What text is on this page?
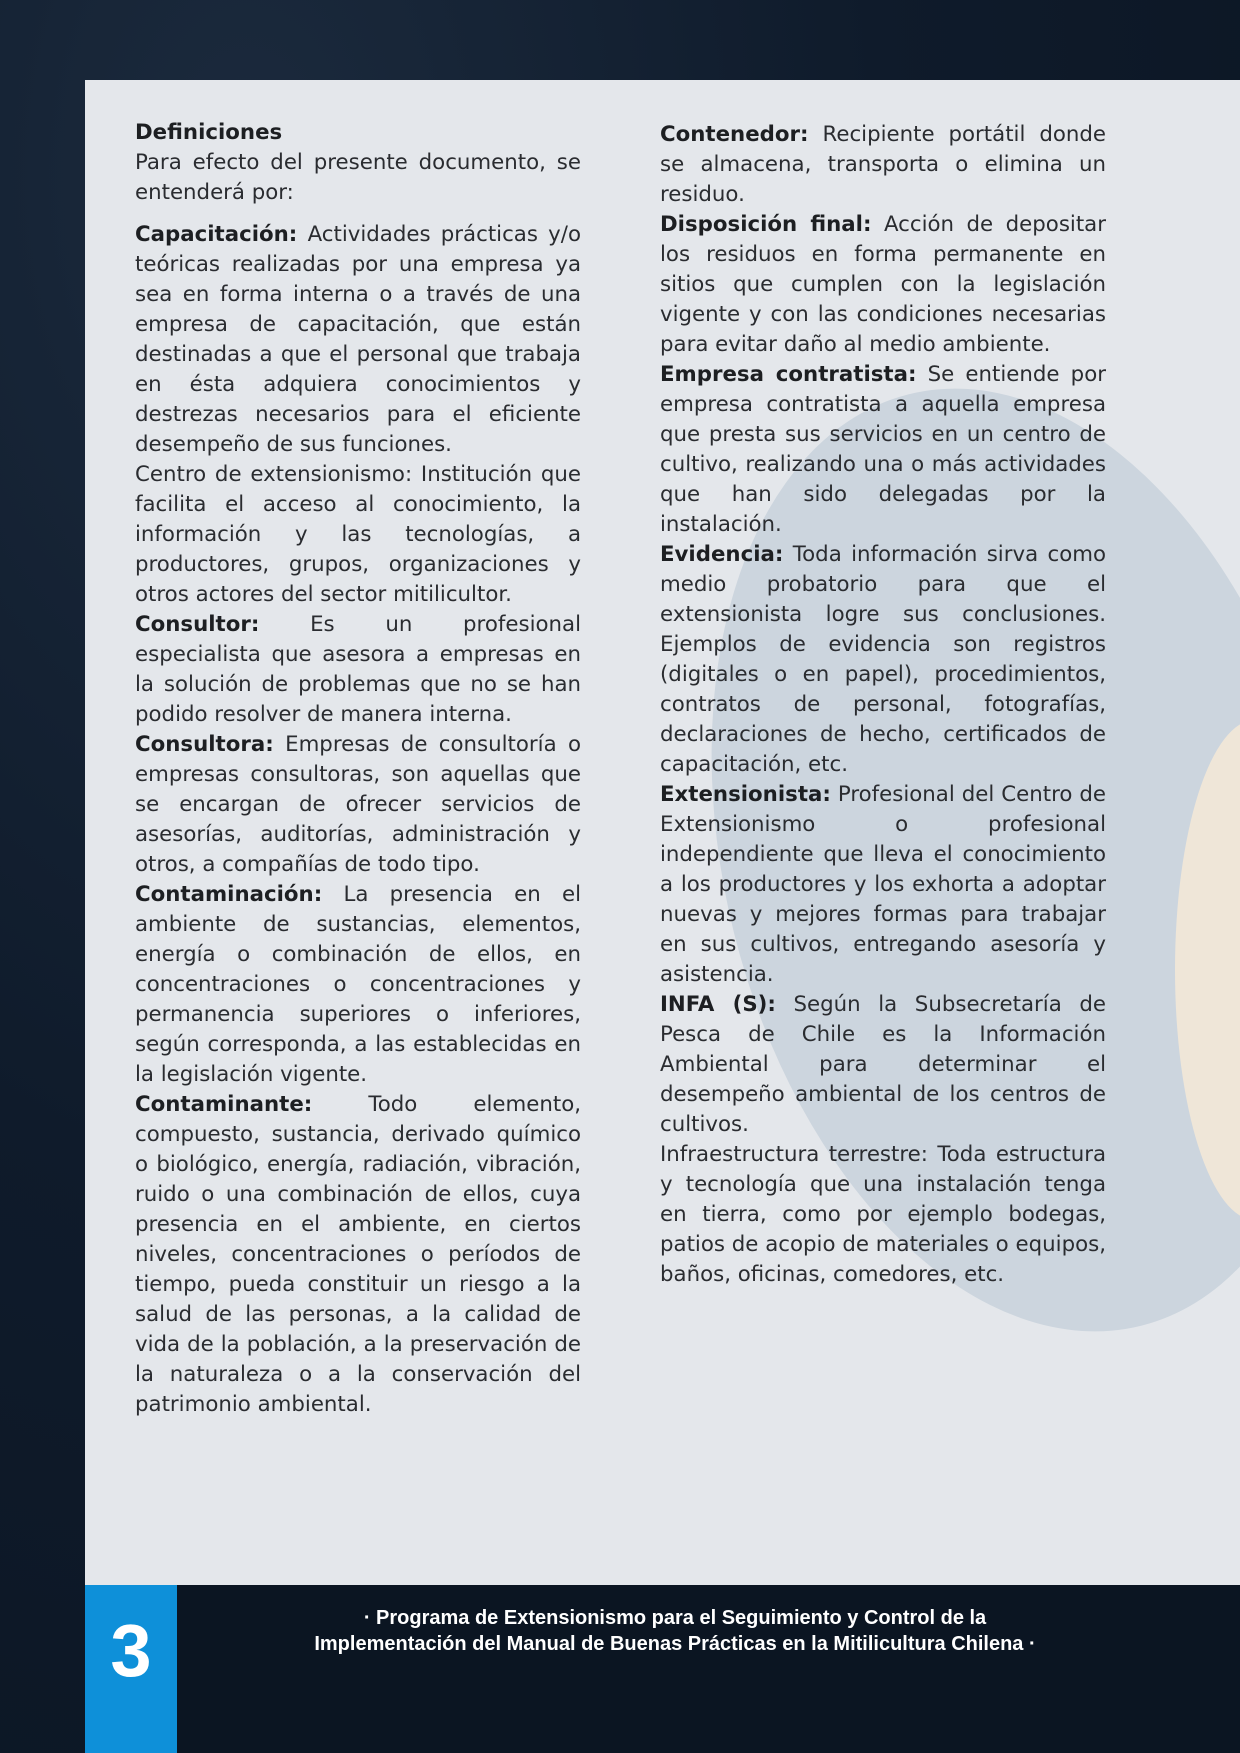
Definiciones

Para efecto del presente documento, se entenderá por:

Capacitación: Actividades prácticas y/o teóricas realizadas por una empresa ya sea en forma interna o a través de una empresa de capacitación, que están destinadas a que el personal que trabaja en ésta adquiera conocimientos y destrezas necesarios para el eficiente desempeño de sus funciones.

Centro de extensionismo: Institución que facilita el acceso al conocimiento, la información y las tecnologías, a productores, grupos, organizaciones y otros actores del sector mitilicultor.

Consultor: Es un profesional especialista que asesora a empresas en la solución de problemas que no se han podido resolver de manera interna.

Consultora: Empresas de consultoría o empresas consultoras, son aquellas que se encargan de ofrecer servicios de asesorías, auditorías, administración y otros, a compañías de todo tipo.

Contaminación: La presencia en el ambiente de sustancias, elementos, energía o combinación de ellos, en concentraciones o concentraciones y permanencia superiores o inferiores, según corresponda, a las establecidas en la legislación vigente.

Contaminante: Todo elemento, compuesto, sustancia, derivado químico o biológico, energía, radiación, vibración, ruido o una combinación de ellos, cuya presencia en el ambiente, en ciertos niveles, concentraciones o períodos de tiempo, pueda constituir un riesgo a la salud de las personas, a la calidad de vida de la población, a la preservación de la naturaleza o a la conservación del patrimonio ambiental.

Contenedor: Recipiente portátil donde se almacena, transporta o elimina un residuo.

Disposición final: Acción de depositar los residuos en forma permanente en sitios que cumplen con la legislación vigente y con las condiciones necesarias para evitar daño al medio ambiente.

Empresa contratista: Se entiende por empresa contratista a aquella empresa que presta sus servicios en un centro de cultivo, realizando una o más actividades que han sido delegadas por la instalación.

Evidencia: Toda información sirva como medio probatorio para que el extensionista logre sus conclusiones. Ejemplos de evidencia son registros (digitales o en papel), procedimientos, contratos de personal, fotografías, declaraciones de hecho, certificados de capacitación, etc.

Extensionista: Profesional del Centro de Extensionismo o profesional independiente que lleva el conocimiento a los productores y los exhorta a adoptar nuevas y mejores formas para trabajar en sus cultivos, entregando asesoría y asistencia.

INFA (S): Según la Subsecretaría de Pesca de Chile es la Información Ambiental para determinar el desempeño ambiental de los centros de cultivos.

Infraestructura terrestre: Toda estructura y tecnología que una instalación tenga en tierra, como por ejemplo bodegas, patios de acopio de materiales o equipos, baños, oficinas, comedores, etc.

3	· Programa de Extensionismo para el Seguimiento y Control de la
Implementación del Manual de Buenas Prácticas en la Mitilicultura Chilena ·
